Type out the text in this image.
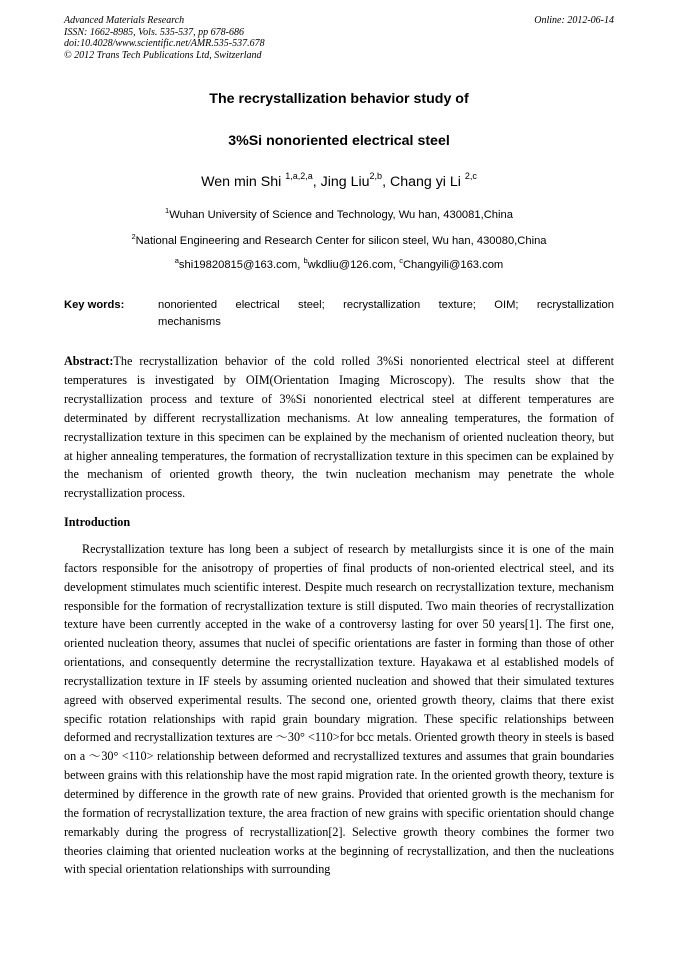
Advanced Materials Research
ISSN: 1662-8985, Vols. 535-537, pp 678-686
doi:10.4028/www.scientific.net/AMR.535-537.678
© 2012 Trans Tech Publications Ltd, Switzerland
Online: 2012-06-14
The recrystallization behavior study of
3%Si nonoriented electrical steel
Wen min Shi $^{1,a,2,a}$, Jing Liu$^{2,b}$, Chang yi Li $^{2,c}$
$^1$Wuhan University of Science and Technology, Wu han, 430081,China
$^2$National Engineering and Research Center for silicon steel, Wu han, 430080,China
$^a$shi19820815@163.com, $^b$wkdliu@126.com, $^c$Changyili@163.com
Key words:	nonoriented electrical steel; recrystallization texture; OIM; recrystallization
mechanisms
Abstract:The recrystallization behavior of the cold rolled 3%Si nonoriented electrical steel at different temperatures is investigated by OIM(Orientation Imaging Microscopy). The results show that the recrystallization process and texture of 3%Si nonoriented electrical steel at different temperatures are determinated by different recrystallization mechanisms. At low annealing temperatures, the formation of recrystallization texture in this specimen can be explained by the mechanism of oriented nucleation theory, but at higher annealing temperatures, the formation of recrystallization texture in this specimen can be explained by the mechanism of oriented growth theory, the twin nucleation mechanism may penetrate the whole recrystallization process.
Introduction
Recrystallization texture has long been a subject of research by metallurgists since it is one of the main factors responsible for the anisotropy of properties of final products of non-oriented electrical steel, and its development stimulates much scientific interest. Despite much research on recrystallization texture, mechanism responsible for the formation of recrystallization texture is still disputed. Two main theories of recrystallization texture have been currently accepted in the wake of a controversy lasting for over 50 years[1]. The first one, oriented nucleation theory, assumes that nuclei of specific orientations are faster in forming than those of other orientations, and consequently determine the recrystallization texture. Hayakawa et al established models of recrystallization texture in IF steels by assuming oriented nucleation and showed that their simulated textures agreed with observed experimental results. The second one, oriented growth theory, claims that there exist specific rotation relationships with rapid grain boundary migration. These specific relationships between deformed and recrystallization textures are ～30° <110>for bcc metals. Oriented growth theory in steels is based on a ～30° <110> relationship between deformed and recrystallized textures and assumes that grain boundaries between grains with this relationship have the most rapid migration rate. In the oriented growth theory, texture is determined by difference in the growth rate of new grains. Provided that oriented growth is the mechanism for the formation of recrystallization texture, the area fraction of new grains with specific orientation should change remarkably during the progress of recrystallization[2]. Selective growth theory combines the former two theories claiming that oriented nucleation works at the beginning of recrystallization, and then the nucleations with special orientation relationships with surrounding
